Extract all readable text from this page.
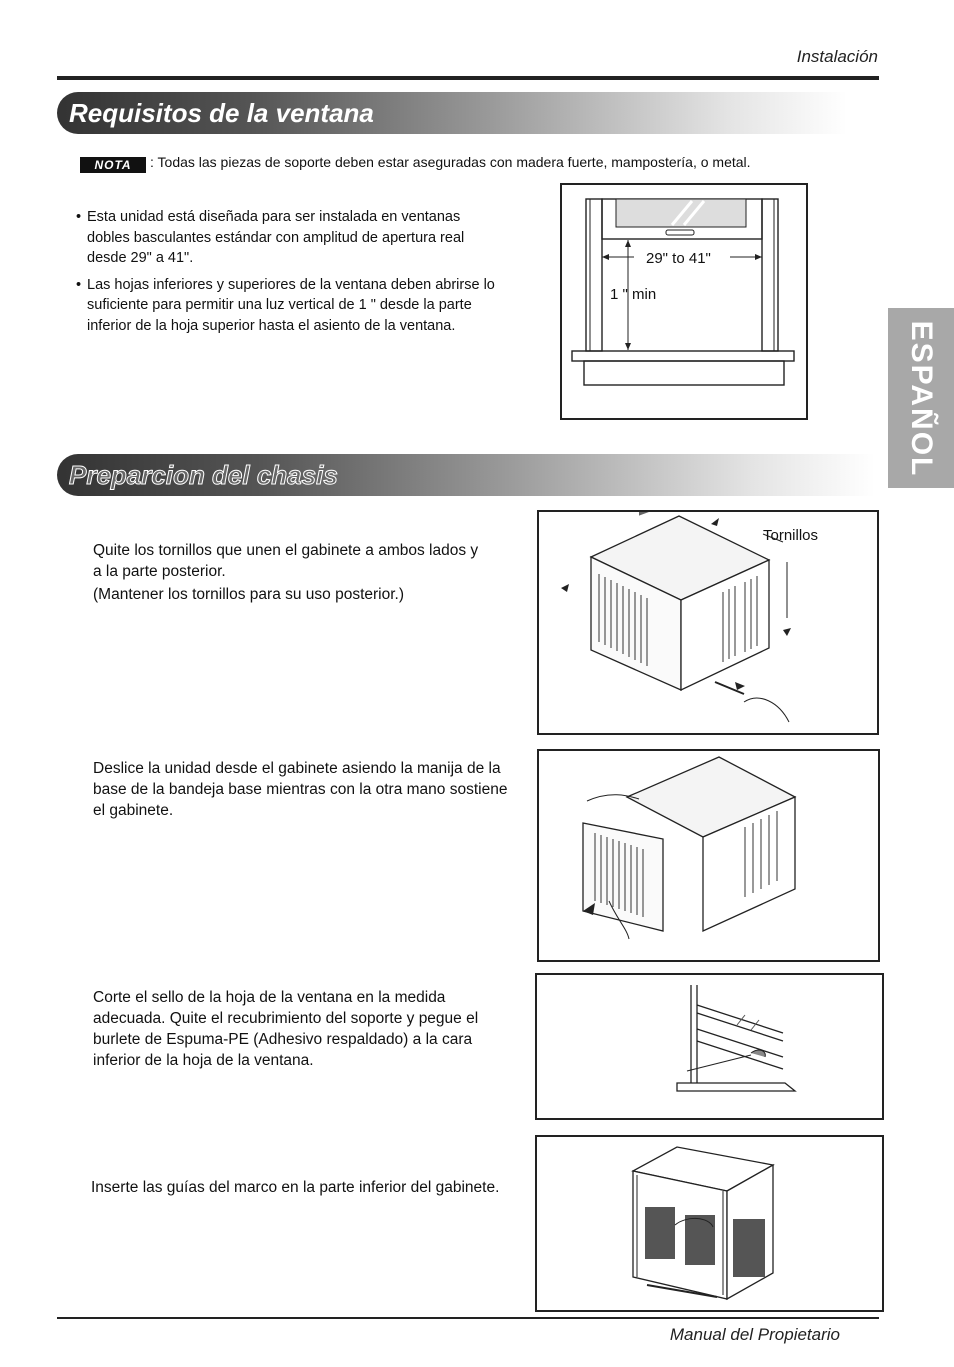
Instalación
ESPAÑOL
Requisitos de la ventana
NOTA	: Todas las piezas de soporte deben estar aseguradas con madera fuerte, mampostería, o metal.
• Esta unidad está diseñada para ser instalada en ventanas dobles basculantes estándar con amplitud de apertura real desde 29" a 41".
• Las hojas inferiores y superiores de la ventana deben abrirse lo suficiente para permitir una luz vertical de 1 " desde la parte inferior de la hoja superior hasta el asiento de la ventana.
29" to 41"
1 " min
Preparcion del chasis
Quite los tornillos que unen el gabinete a ambos lados y
a la parte posterior.
(Mantener los tornillos para su uso posterior.)
Tornillos
Deslice la unidad desde el gabinete asiendo la manija de la
base de la bandeja base mientras con la otra mano sostiene
el gabinete.
Corte el sello de la hoja de la ventana en la medida
adecuada. Quite el recubrimiento del soporte y pegue el
burlete de Espuma-PE (Adhesivo respaldado) a la cara
inferior de la hoja de la ventana.
Inserte las guías del marco en la parte inferior del gabinete.
Manual del Propietario
